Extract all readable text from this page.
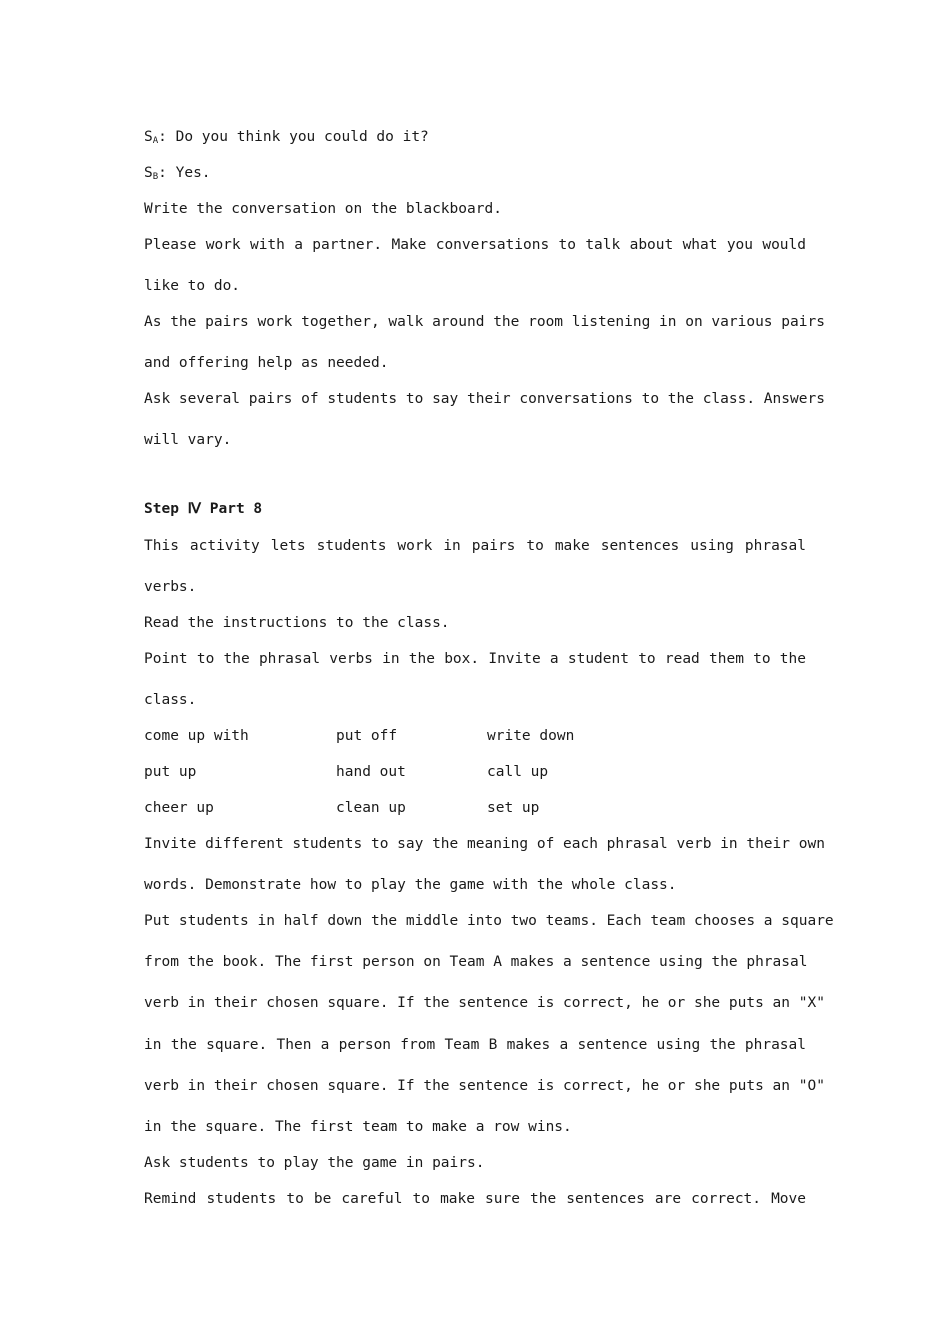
$S_A$: Do you think you could do it?
$S_B$: Yes.
Write the conversation on the blackboard.
Please work with a partner. Make conversations to talk about what you would
like to do.
As the pairs work together, walk around the room listening in on various pairs
and offering help as needed.
Ask several pairs of students to say their conversations to the class. Answers
will vary.
Step Ⅳ Part 8
This activity lets students work in pairs to make sentences using phrasal
verbs.
Read the instructions to the class.
Point to the phrasal verbs in the box. Invite a student to read them to the
class.
come up with	put off	write down
put up	hand out	call up
cheer up	clean up	set up
Invite different students to say the meaning of each phrasal verb in their own
words. Demonstrate how to play the game with the whole class.
Put students in half down the middle into two teams. Each team chooses a square
from the book. The first person on Team A makes a sentence using the phrasal
verb in their chosen square. If the sentence is correct, he or she puts an "X"
in the square. Then a person from Team B makes a sentence using the phrasal
verb in their chosen square. If the sentence is correct, he or she puts an "O"
in the square. The first team to make a row wins.
Ask students to play the game in pairs.
Remind students to be careful to make sure the sentences are correct. Move
